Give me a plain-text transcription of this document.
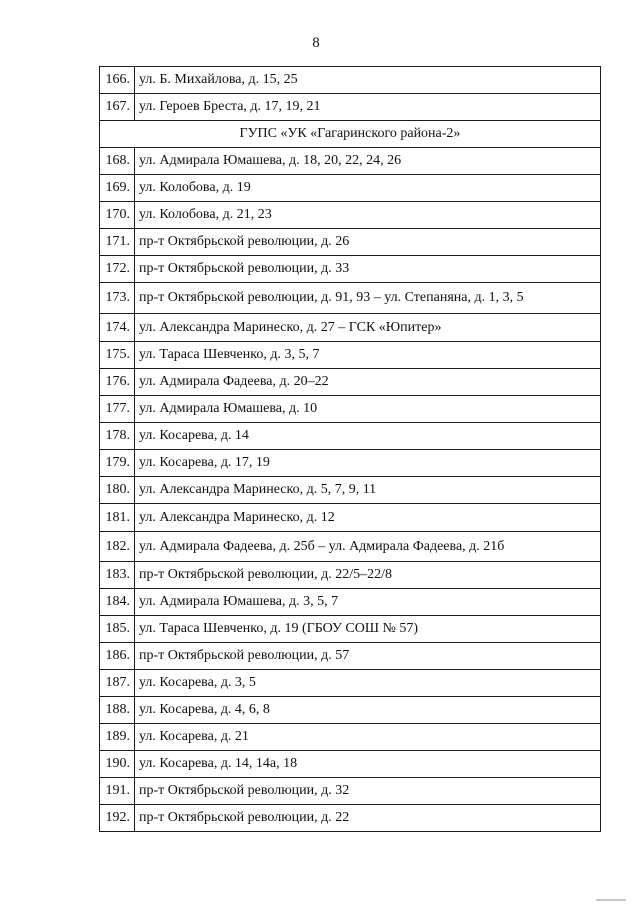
8
166.	ул. Б. Михайлова, д. 15, 25
167.	ул. Героев Бреста, д. 17, 19, 21
ГУПС «УК «Гагаринского района-2»	
168.	ул. Адмирала Юмашева, д. 18, 20, 22, 24, 26
169.	ул. Колобова, д. 19
170.	ул. Колобова, д. 21, 23
171.	пр-т Октябрьской революции, д. 26
172.	пр-т Октябрьской революции, д. 33
173.	пр-т Октябрьской революции, д. 91, 93 – ул. Степаняна, д. 1, 3, 5
174.	ул. Александра Маринеско, д. 27 – ГСК «Юпитер»
175.	ул. Тараса Шевченко, д. 3, 5, 7
176.	ул. Адмирала Фадеева, д. 20–22
177.	ул. Адмирала Юмашева, д. 10
178.	ул. Косарева, д. 14
179.	ул. Косарева, д. 17, 19
180.	ул. Александра Маринеско, д. 5, 7, 9, 11
181.	ул. Александра Маринеско, д. 12
182.	ул. Адмирала Фадеева, д. 25б – ул. Адмирала Фадеева, д. 21б
183.	пр-т Октябрьской революции, д. 22/5–22/8
184.	ул. Адмирала Юмашева, д. 3, 5, 7
185.	ул. Тараса Шевченко, д. 19 (ГБОУ СОШ № 57)
186.	пр-т Октябрьской революции, д. 57
187.	ул. Косарева, д. 3, 5
188.	ул. Косарева, д. 4, 6, 8
189.	ул. Косарева, д. 21
190.	ул. Косарева, д. 14, 14а, 18
191.	пр-т Октябрьской революции, д. 32
192.	пр-т Октябрьской революции, д. 22
